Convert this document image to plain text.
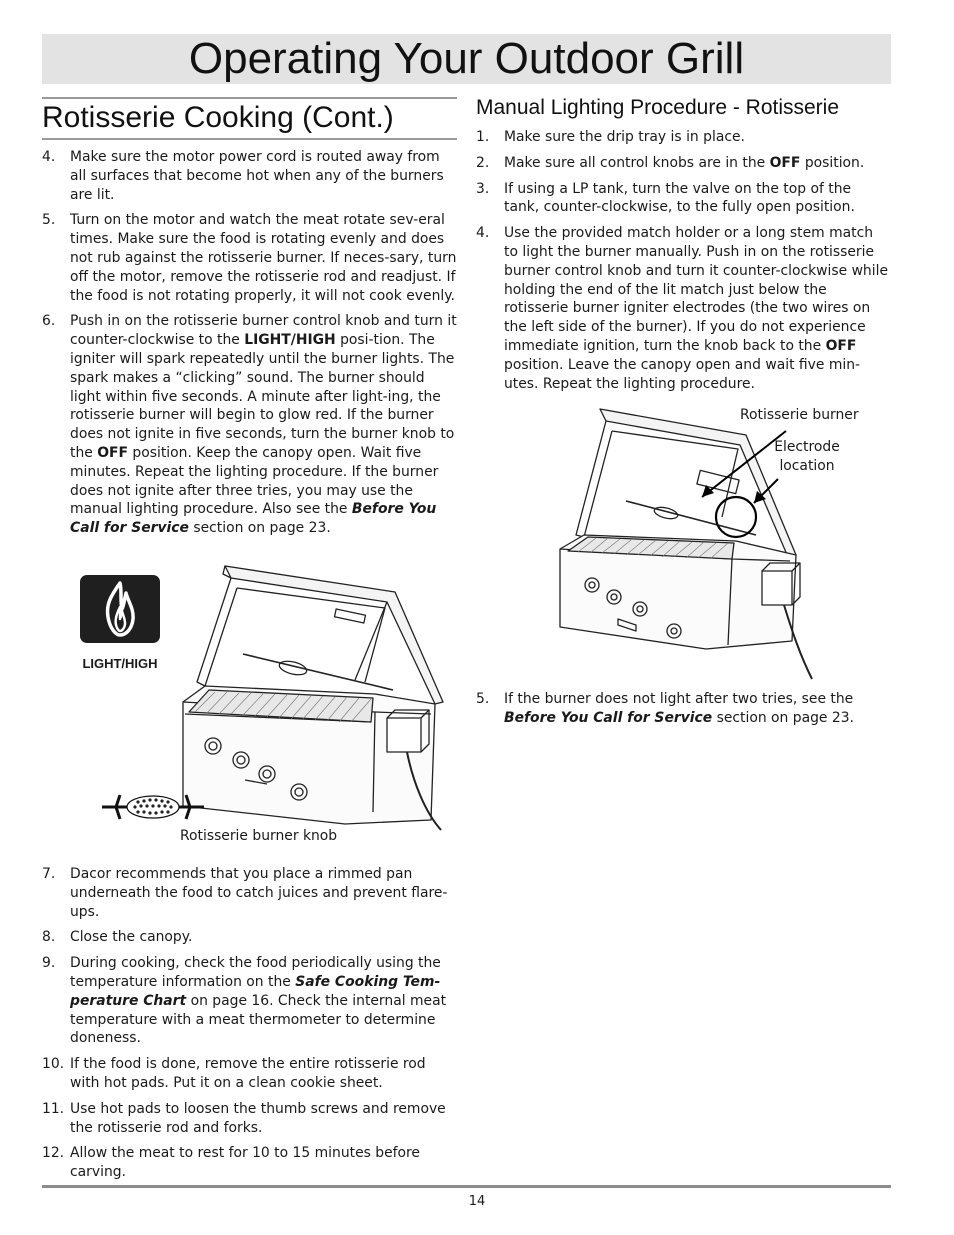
Operating Your Outdoor Grill
Rotisserie Cooking (Cont.)
4. Make sure the motor power cord is routed away from all surfaces that become hot when any of the burners are lit.
5. Turn on the motor and watch the meat rotate sev-eral times. Make sure the food is rotating evenly and does not rub against the rotisserie burner. If neces-sary, turn off the motor, remove the rotisserie rod and readjust. If the food is not rotating properly, it will not cook evenly.
6. Push in on the rotisserie burner control knob and turn it counter-clockwise to the LIGHT/HIGH posi-tion. The igniter will spark repeatedly until the burner lights. The spark makes a “clicking” sound. The burner should light within five seconds. A minute after light-ing, the rotisserie burner will begin to glow red. If the burner does not ignite in five seconds, turn the burner knob to the OFF position. Keep the canopy open. Wait five minutes. Repeat the lighting procedure. If the burner does not ignite after three tries, you may use the manual lighting procedure. Also see the Before You Call for Service section on page 23.
LIGHT/HIGH
Rotisserie burner knob
7. Dacor recommends that you place a rimmed pan underneath the food to catch juices and prevent flare-ups.
8. Close the canopy.
9. During cooking, check the food periodically using the temperature information on the Safe Cooking Tem-perature Chart on page 16. Check the internal meat temperature with a meat thermometer to determine doneness.
10. If the food is done, remove the entire rotisserie rod with hot pads. Put it on a clean cookie sheet.
11. Use hot pads to loosen the thumb screws and remove the rotisserie rod and forks.
12. Allow the meat to rest for 10 to 15 minutes before carving.
Manual Lighting Procedure - Rotisserie
1. Make sure the drip tray is in place.
2. Make sure all control knobs are in the OFF position.
3. If using a LP tank, turn the valve on the top of the tank, counter-clockwise, to the fully open position.
4. Use the provided match holder or a long stem match to light the burner manually. Push in on the rotisserie burner control knob and turn it counter-clockwise while holding the end of the lit match just below the rotisserie burner igniter electrodes (the two wires on the left side of the burner). If you do not experience immediate ignition, turn the knob back to the OFF position. Leave the canopy open and wait five min-utes. Repeat the lighting procedure.
Rotisserie burner
Electrode
location
5. If the burner does not light after two tries, see the Before You Call for Service section on page 23.
14
